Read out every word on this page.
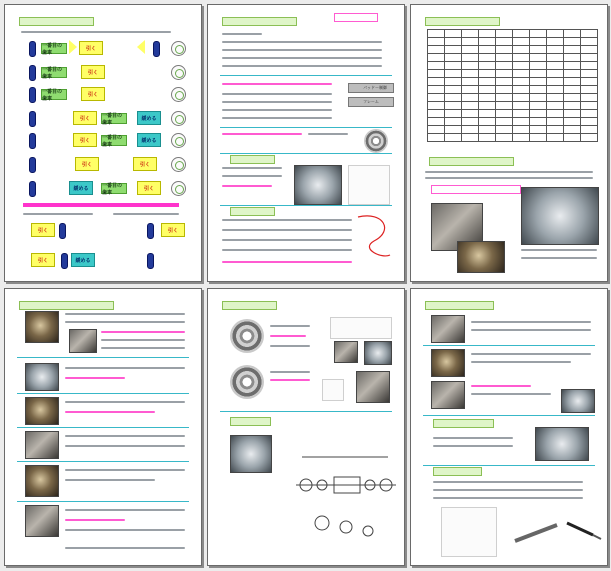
一番目の歯車
引く
一番目の歯車
引く
一番目の歯車
引く
引く	一番目の歯車
緩める
引く	一番目の歯車
緩める
引く	引く
緩める	一番目の歯車
引く
引く	引く
引く	緩める
パッドー制御
フレーム
